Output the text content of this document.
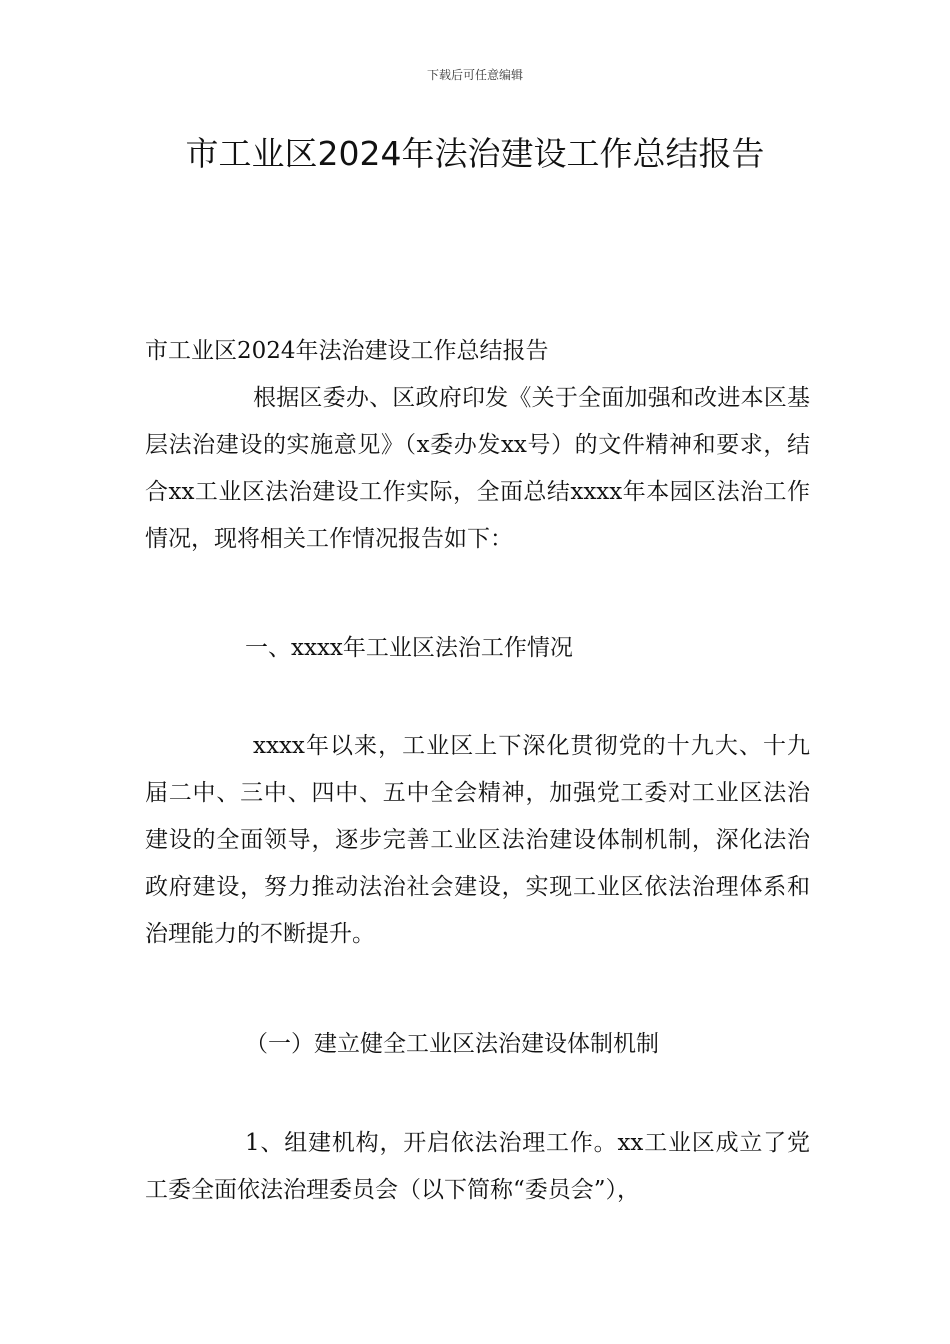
下载后可任意编辑
市工业区2024年法治建设工作总结报告

市工业区2024年法治建设工作总结报告

根据区委办、区政府印发《关于全面加强和改进本区基层法治建设的实施意见》（x委办发xx号）的文件精神和要求，结合xx工业区法治建设工作实际，全面总结xxxx年本园区法治工作情况，现将相关工作情况报告如下：

一、xxxx年工业区法治工作情况

xxxx年以来，工业区上下深化贯彻党的十九大、十九届二中、三中、四中、五中全会精神，加强党工委对工业区法治建设的全面领导，逐步完善工业区法治建设体制机制，深化法治政府建设，努力推动法治社会建设，实现工业区依法治理体系和治理能力的不断提升。

（一）建立健全工业区法治建设体制机制

1、组建机构，开启依法治理工作。xx工业区成立了党工委全面依法治理委员会（以下简称“委员会”），
